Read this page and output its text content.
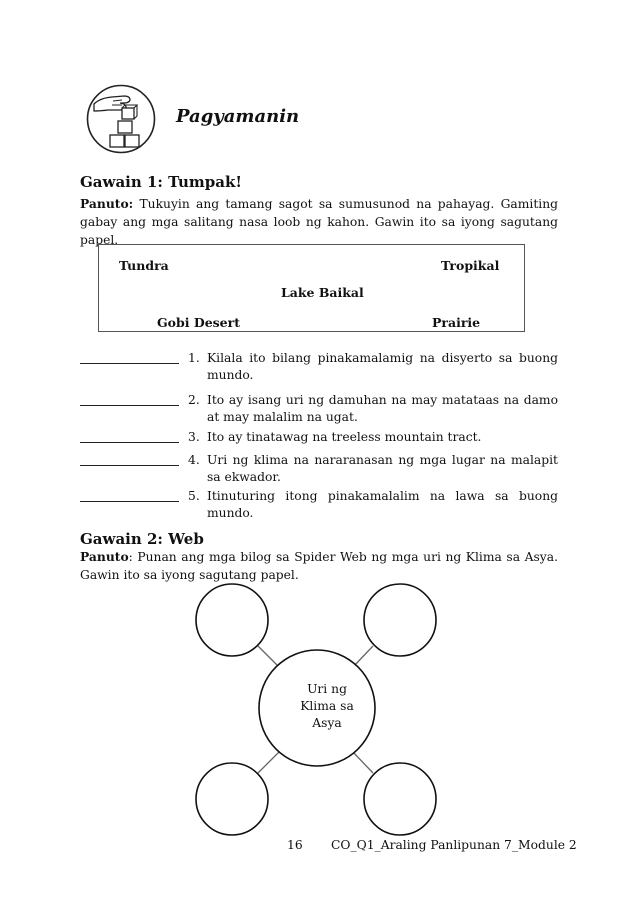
Pagyamanin
Gawain 1: Tumpak!
Panuto: Tukuyin ang tamang sagot sa sumusunod na pahayag. Gamiting gabay ang mga salitang nasa loob ng kahon. Gawin ito sa iyong sagutang papel.
Tundra	Tropikal
Lake Baikal
Gobi Desert	Prairie
1. Kilala ito bilang pinakamalamig na disyerto sa buong mundo.
2. Ito ay isang uri ng damuhan na may matataas na damo at may malalim na ugat.
3. Ito ay tinatawag na treeless mountain tract.
4. Uri ng klima na nararanasan ng mga lugar na malapit sa ekwador.
5. Itinuturing itong pinakamalalim na lawa sa buong mundo.
Gawain 2: Web
Panuto: Punan ang mga bilog sa Spider Web ng mga uri ng Klima sa Asya. Gawin ito sa iyong sagutang papel.
Uri ng
Klima sa
Asya
16 CO_Q1_Araling Panlipunan 7_Module 2
